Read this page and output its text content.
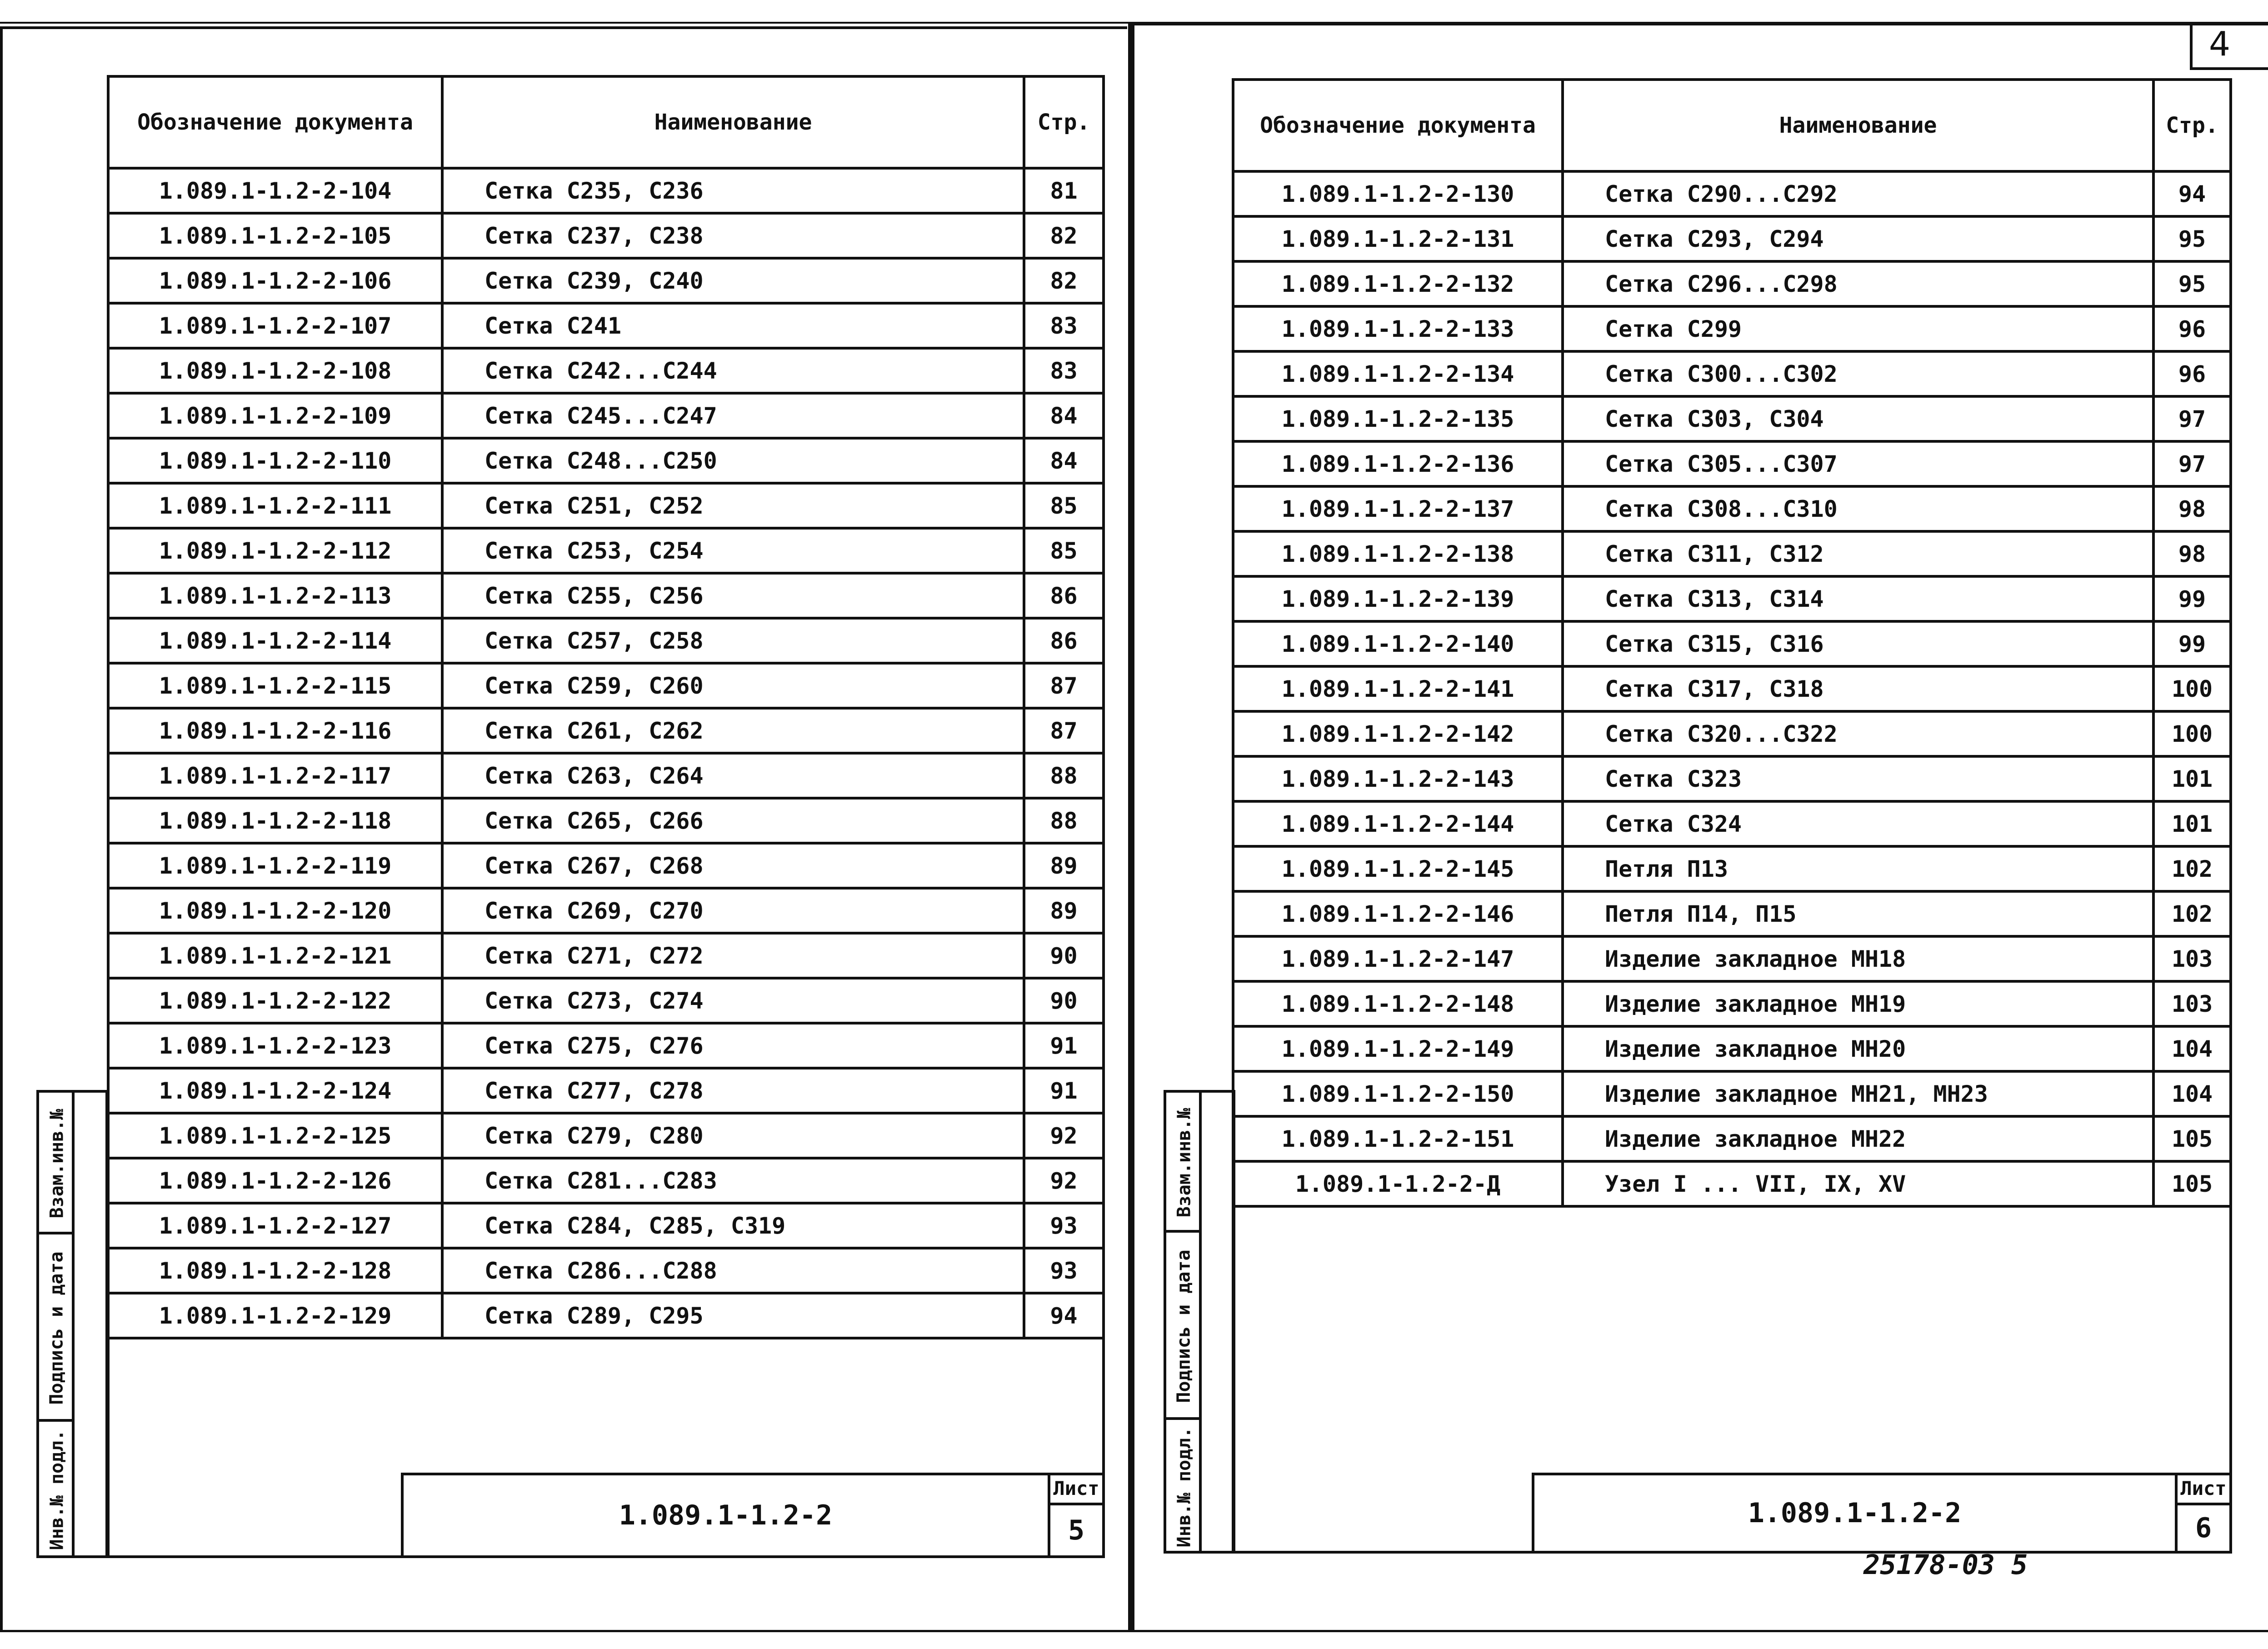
4
Обозначение документа	Наименование	Стр.
1.089.1-1.2-2-104	Сетка С235, С236	81
1.089.1-1.2-2-105	Сетка С237, С238	82
1.089.1-1.2-2-106	Сетка С239, С240	82
1.089.1-1.2-2-107	Сетка С241	83
1.089.1-1.2-2-108	Сетка С242...С244	83
1.089.1-1.2-2-109	Сетка С245...С247	84
1.089.1-1.2-2-110	Сетка С248...С250	84
1.089.1-1.2-2-111	Сетка С251, С252	85
1.089.1-1.2-2-112	Сетка С253, С254	85
1.089.1-1.2-2-113	Сетка С255, С256	86
1.089.1-1.2-2-114	Сетка С257, С258	86
1.089.1-1.2-2-115	Сетка С259, С260	87
1.089.1-1.2-2-116	Сетка С261, С262	87
1.089.1-1.2-2-117	Сетка С263, С264	88
1.089.1-1.2-2-118	Сетка С265, С266	88
1.089.1-1.2-2-119	Сетка С267, С268	89
1.089.1-1.2-2-120	Сетка С269, С270	89
1.089.1-1.2-2-121	Сетка С271, С272	90
1.089.1-1.2-2-122	Сетка С273, С274	90
1.089.1-1.2-2-123	Сетка С275, С276	91
1.089.1-1.2-2-124	Сетка С277, С278	91
1.089.1-1.2-2-125	Сетка С279, С280	92
1.089.1-1.2-2-126	Сетка С281...С283	92
1.089.1-1.2-2-127	Сетка С284, С285, С319	93
1.089.1-1.2-2-128	Сетка С286...С288	93
1.089.1-1.2-2-129	Сетка С289, С295	94
Взам.инв.№
Подпись и дата
Инв.№ подл.	1.089.1-1.2-2
Лист
5
Обозначение документа	Наименование	Стр.
1.089.1-1.2-2-130	Сетка С290...С292	94
1.089.1-1.2-2-131	Сетка С293, С294	95
1.089.1-1.2-2-132	Сетка С296...С298	95
1.089.1-1.2-2-133	Сетка С299	96
1.089.1-1.2-2-134	Сетка С300...С302	96
1.089.1-1.2-2-135	Сетка С303, С304	97
1.089.1-1.2-2-136	Сетка С305...С307	97
1.089.1-1.2-2-137	Сетка С308...С310	98
1.089.1-1.2-2-138	Сетка С311, С312	98
1.089.1-1.2-2-139	Сетка С313, С314	99
1.089.1-1.2-2-140	Сетка С315, С316	99
1.089.1-1.2-2-141	Сетка С317, С318	100
1.089.1-1.2-2-142	Сетка С320...С322	100
1.089.1-1.2-2-143	Сетка С323	101
1.089.1-1.2-2-144	Сетка С324	101
1.089.1-1.2-2-145	Петля П13	102
1.089.1-1.2-2-146	Петля П14, П15	102
1.089.1-1.2-2-147	Изделие закладное МН18	103
1.089.1-1.2-2-148	Изделие закладное МН19	103
1.089.1-1.2-2-149	Изделие закладное МН20	104
1.089.1-1.2-2-150	Изделие закладное МН21, МН23	104
1.089.1-1.2-2-151	Изделие закладное МН22	105
1.089.1-1.2-2-Д	Узел I ... VII, IX, XV	105
Взам.инв.№
Подпись и дата
Инв.№ подл.	1.089.1-1.2-2
Лист
6
25178-03 5
